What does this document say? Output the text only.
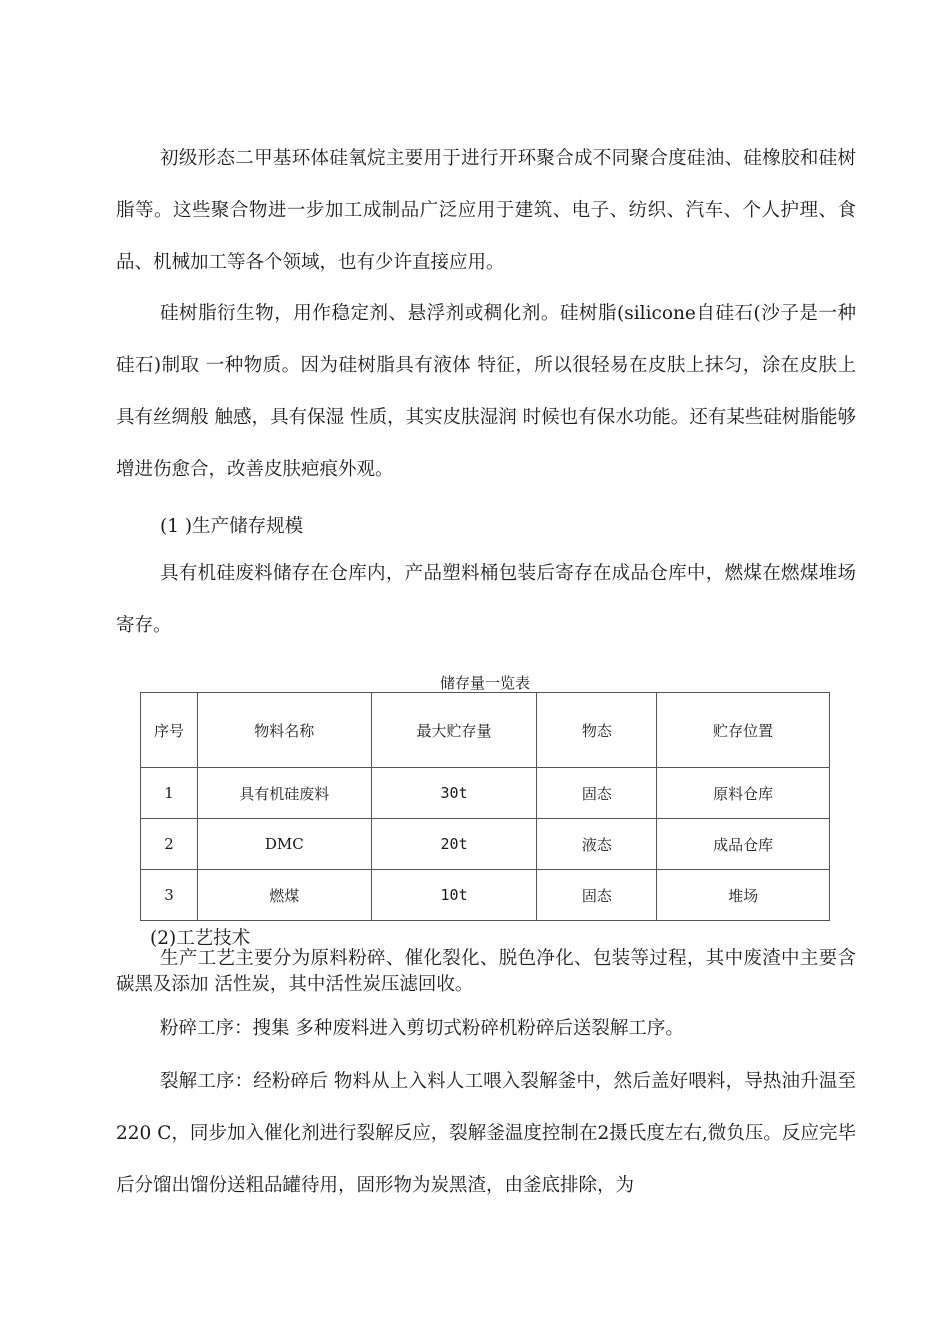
初级形态二甲基环体硅氧烷主要用于进行开环聚合成不同聚合度硅油、硅橡胶和硅树脂等。这些聚合物进一步加工成制品广泛应用于建筑、电子、纺织、汽车、个人护理、食品、机械加工等各个领域，也有少许直接应用。

硅树脂衍生物，用作稳定剂、悬浮剂或稠化剂。硅树脂(silicone自硅石(沙子是一种硅石)制取 一种物质。因为硅树脂具有液体 特征，所以很轻易在皮肤上抹匀，涂在皮肤上具有丝绸般 触感，具有保湿 性质，其实皮肤湿润 时候也有保水功能。还有某些硅树脂能够增进伤愈合，改善皮肤疤痕外观。

(1 )生产储存规模

具有机硅废料储存在仓库内，产品塑料桶包装后寄存在成品仓库中，燃煤在燃煤堆场寄存。

储存量一览表

序号	物料名称	最大贮存量	物态	贮存位置
1	具有机硅废料	30t	固态	原料仓库
2	DMC	20t	液态	成品仓库
3	燃煤	10t	固态	堆场

(2)工艺技术

生产工艺主要分为原料粉碎、催化裂化、脱色净化、包装等过程，其中废渣中主要含碳黑及添加 活性炭，其中活性炭压滤回收。

粉碎工序：搜集 多种废料进入剪切式粉碎机粉碎后送裂解工序。

裂解工序：经粉碎后 物料从上入料人工喂入裂解釜中，然后盖好喂料，导热油升温至220 C，同步加入催化剂进行裂解反应，裂解釜温度控制在2摄氏度左右,微负压。反应完毕后分馏出馏份送粗品罐待用，固形物为炭黑渣，由釜底排除，为
